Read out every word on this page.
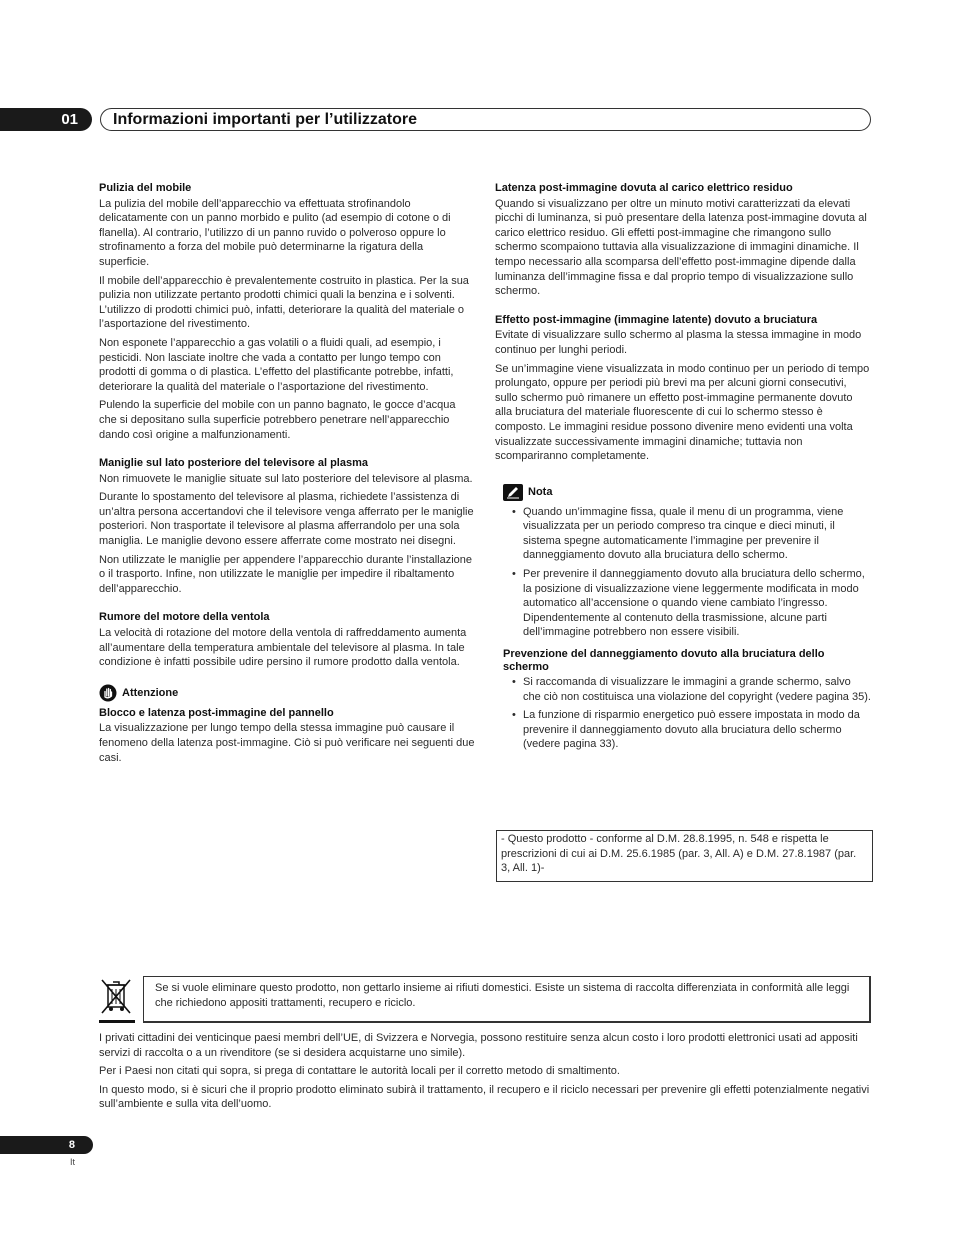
01	Informazioni importanti per l’utilizzatore
Pulizia del mobile

La pulizia del mobile dell’apparecchio va effettuata strofinandolo delicatamente con un panno morbido e pulito (ad esempio di cotone o di flanella). Al contrario, l’utilizzo di un panno ruvido o polveroso oppure lo strofinamento a forza del mobile può determinarne la rigatura della superficie.

Il mobile dell’apparecchio è prevalentemente costruito in plastica. Per la sua pulizia non utilizzate pertanto prodotti chimici quali la benzina e i solventi. L’utilizzo di prodotti chimici può, infatti, deteriorare la qualità del materiale o l’asportazione del rivestimento.

Non esponete l’apparecchio a gas volatili o a fluidi quali, ad esempio, i pesticidi. Non lasciate inoltre che vada a contatto per lungo tempo con prodotti di gomma o di plastica. L’effetto del plastificante potrebbe, infatti, deteriorare la qualità del materiale o l’asportazione del rivestimento.

Pulendo la superficie del mobile con un panno bagnato, le gocce d’acqua che si depositano sulla superficie potrebbero penetrare nell’apparecchio dando così origine a malfunzionamenti.

Maniglie sul lato posteriore del televisore al plasma

Non rimuovete le maniglie situate sul lato posteriore del televisore al plasma.

Durante lo spostamento del televisore al plasma, richiedete l’assistenza di un’altra persona accertandovi che il televisore venga afferrato per le maniglie posteriori. Non trasportate il televisore al plasma afferrandolo per una sola maniglia. Le maniglie devono essere afferrate come mostrato nei disegni.

Non utilizzate le maniglie per appendere l’apparecchio durante l’installazione o il trasporto. Infine, non utilizzate le maniglie per impedire il ribaltamento dell’apparecchio.

Rumore del motore della ventola

La velocità di rotazione del motore della ventola di raffreddamento aumenta all’aumentare della temperatura ambientale del televisore al plasma. In tale condizione è infatti possibile udire persino il rumore prodotto dalla ventola.

Attenzione
Blocco e latenza post-immagine del pannello

La visualizzazione per lungo tempo della stessa immagine può causare il fenomeno della latenza post-immagine. Ciò si può verificare nei seguenti due casi.

Latenza post-immagine dovuta al carico elettrico residuo

Quando si visualizzano per oltre un minuto motivi caratterizzati da elevati picchi di luminanza, si può presentare della latenza post-immagine dovuta al carico elettrico residuo. Gli effetti post-immagine che rimangono sullo schermo scompaiono tuttavia alla visualizzazione di immagini dinamiche. Il tempo necessario alla scomparsa dell’effetto post-immagine dipende dalla luminanza dell’immagine fissa e dal proprio tempo di visualizzazione sullo schermo.

Effetto post-immagine (immagine latente) dovuto a bruciatura

Evitate di visualizzare sullo schermo al plasma la stessa immagine in modo continuo per lunghi periodi.

Se un’immagine viene visualizzata in modo continuo per un periodo di tempo prolungato, oppure per periodi più brevi ma per alcuni giorni consecutivi, sullo schermo può rimanere un effetto post-immagine permanente dovuto alla bruciatura del materiale fluorescente di cui lo schermo stesso è composto. Le immagini residue possono divenire meno evidenti una volta visualizzate successivamente immagini dinamiche; tuttavia non scompariranno completamente.

Nota
• Quando un’immagine fissa, quale il menu di un programma, viene visualizzata per un periodo compreso tra cinque e dieci minuti, il sistema spegne automaticamente l’immagine per prevenire il danneggiamento dovuto alla bruciatura dello schermo.
• Per prevenire il danneggiamento dovuto alla bruciatura dello schermo, la posizione di visualizzazione viene leggermente modificata in modo automatico all’accensione o quando viene cambiato l’ingresso. Dipendentemente al contenuto della trasmissione, alcune parti dell’immagine potrebbero non essere visibili.
Prevenzione del danneggiamento dovuto alla bruciatura dello schermo
• Si raccomanda di visualizzare le immagini a grande schermo, salvo che ciò non costituisca una violazione del copyright (vedere pagina 35).
• La funzione di risparmio energetico può essere impostata in modo da prevenire il danneggiamento dovuto alla bruciatura dello schermo (vedere pagina 33).
- Questo prodotto - conforme al D.M. 28.8.1995, n. 548 e rispetta le prescrizioni di cui ai D.M. 25.6.1985 (par. 3, All. A) e D.M. 27.8.1987 (par. 3, All. 1)-
Se si vuole eliminare questo prodotto, non gettarlo insieme ai rifiuti domestici. Esiste un sistema di raccolta differenziata in conformità alle leggi che richiedono appositi trattamenti, recupero e riciclo.

I privati cittadini dei venticinque paesi membri dell’UE, di Svizzera e Norvegia, possono restituire senza alcun costo i loro prodotti elettronici usati ad appositi servizi di raccolta o a un rivenditore (se si desidera acquistarne uno simile).

Per i Paesi non citati qui sopra, si prega di contattare le autorità locali per il corretto metodo di smaltimento.

In questo modo, si è sicuri che il proprio prodotto eliminato subirà il trattamento, il recupero e il riciclo necessari per prevenire gli effetti potenzialmente negativi sull’ambiente e sulla vita dell’uomo.

8
It
